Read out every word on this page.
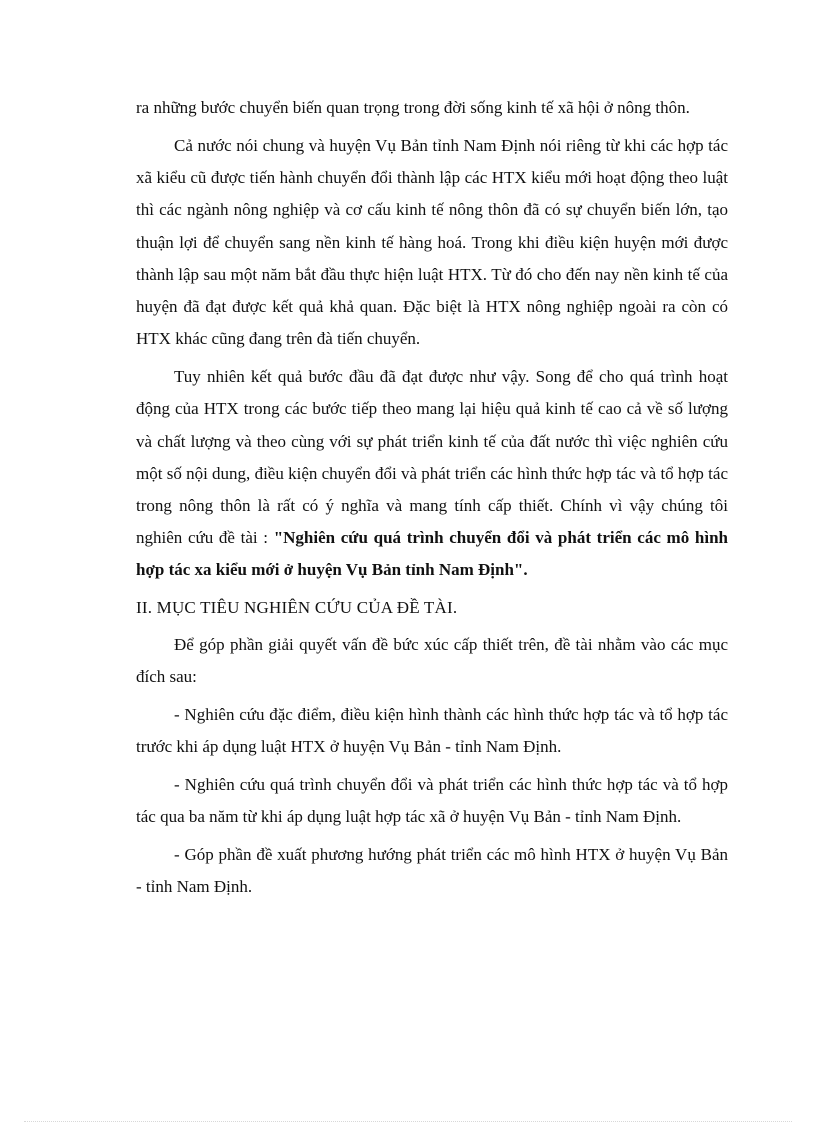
ra những bước chuyển biến quan trọng trong đời sống kinh tế xã hội ở nông thôn.

Cả nước nói chung và huyện Vụ Bản tỉnh Nam Định nói riêng từ khi các hợp tác xã kiểu cũ được tiến hành chuyển đổi thành lập các HTX kiểu mới hoạt động theo luật thì các ngành nông nghiệp và cơ cấu kinh tế nông thôn đã có sự chuyển biến lớn, tạo thuận lợi để chuyển sang nền kinh tế hàng hoá. Trong khi điều kiện huyện mới được thành lập sau một năm bắt đầu thực hiện luật HTX. Từ đó cho đến nay nền kinh tế của huyện đã đạt được kết quả khả quan. Đặc biệt là HTX nông nghiệp ngoài ra còn có HTX khác cũng đang trên đà tiến chuyển.

Tuy nhiên kết quả bước đầu đã đạt được như vậy. Song để cho quá trình hoạt động của HTX trong các bước tiếp theo mang lại hiệu quả kinh tế cao cả về số lượng và chất lượng và theo cùng với sự phát triển kinh tế của đất nước thì việc nghiên cứu một số nội dung, điều kiện chuyển đổi và phát triển các hình thức hợp tác và tổ hợp tác trong nông thôn là rất có ý nghĩa và mang tính cấp thiết. Chính vì vậy chúng tôi nghiên cứu đề tài : "Nghiên cứu quá trình chuyển đổi và phát triển các mô hình hợp tác xa kiểu mới ở huyện Vụ Bản tỉnh Nam Định".

II. MỤC TIÊU NGHIÊN CỨU CỦA ĐỀ TÀI.

Để góp phần giải quyết vấn đề bức xúc cấp thiết trên, đề tài nhằm vào các mục đích sau:

- Nghiên cứu đặc điểm, điều kiện hình thành các hình thức hợp tác và tổ hợp tác trước khi áp dụng luật HTX ở huyện Vụ Bản - tỉnh Nam Định.

- Nghiên cứu quá trình chuyển đổi và phát triển các hình thức hợp tác và tổ hợp tác qua ba năm từ khi áp dụng luật hợp tác xã ở huyện Vụ Bản - tỉnh Nam Định.

- Góp phần đề xuất phương hướng phát triển các mô hình HTX ở huyện Vụ Bản - tỉnh Nam Định.
